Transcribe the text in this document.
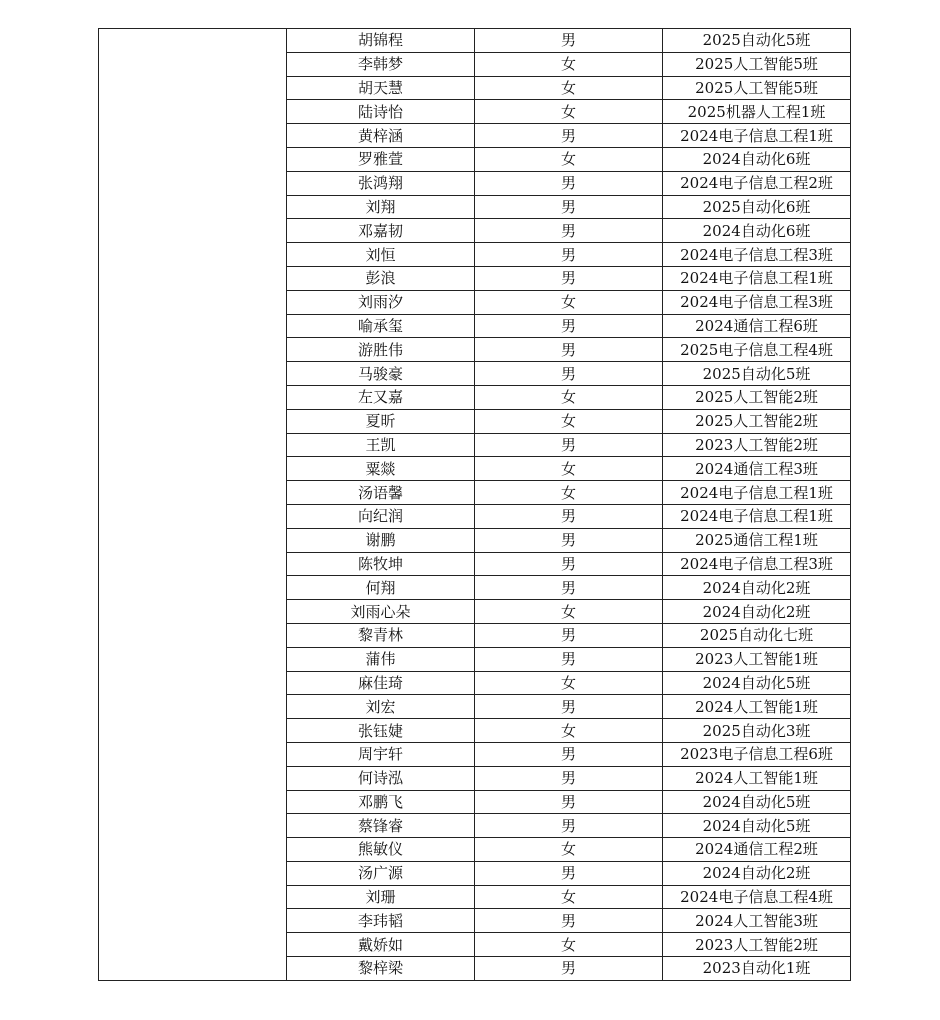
	胡锦程	男	2025自动化5班
	李韩梦	女	2025人工智能5班
	胡天慧	女	2025人工智能5班
	陆诗怡	女	2025机器人工程1班
	黄梓涵	男	2024电子信息工程1班
	罗雅萱	女	2024自动化6班
	张鸿翔	男	2024电子信息工程2班
	刘翔	男	2025自动化6班
	邓嘉韧	男	2024自动化6班
	刘恒	男	2024电子信息工程3班
	彭浪	男	2024电子信息工程1班
	刘雨汐	女	2024电子信息工程3班
	喻承玺	男	2024通信工程6班
	游胜伟	男	2025电子信息工程4班
	马骏豪	男	2025自动化5班
	左又嘉	女	2025人工智能2班
	夏昕	女	2025人工智能2班
	王凯	男	2023人工智能2班
	粟燚	女	2024通信工程3班
	汤语馨	女	2024电子信息工程1班
	向纪润	男	2024电子信息工程1班
	谢鹏	男	2025通信工程1班
	陈牧坤	男	2024电子信息工程3班
	何翔	男	2024自动化2班
	刘雨心朵	女	2024自动化2班
	黎青林	男	2025自动化七班
	蒲伟	男	2023人工智能1班
	麻佳琦	女	2024自动化5班
	刘宏	男	2024人工智能1班
	张钰婕	女	2025自动化3班
	周宇轩	男	2023电子信息工程6班
	何诗泓	男	2024人工智能1班
	邓鹏飞	男	2024自动化5班
	蔡锋睿	男	2024自动化5班
	熊敏仪	女	2024通信工程2班
	汤广源	男	2024自动化2班
	刘珊	女	2024电子信息工程4班
	李玮韬	男	2024人工智能3班
	戴娇如	女	2023人工智能2班
	黎梓梁	男	2023自动化1班
